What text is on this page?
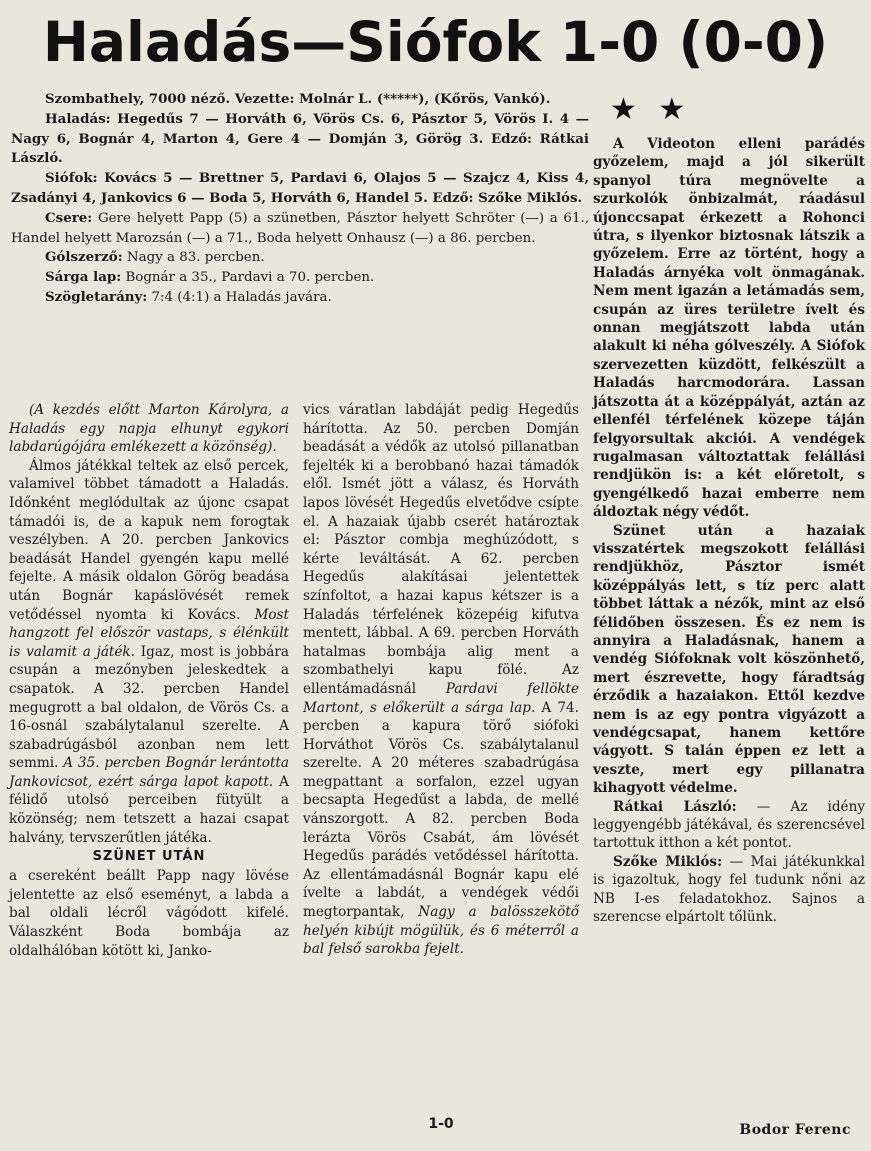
Haladás—Siófok 1-0 (0-0)

Szombathely, 7000 néző. Vezette: Molnár L. (*****), (Kőrös, Vankó).

Haladás: Hegedűs 7 — Horváth 6, Vörös Cs. 6, Pásztor 5, Vörös I. 4 — Nagy 6, Bognár 4, Marton 4, Gere 4 — Domján 3, Görög 3. Edző: Rátkai László.

Siófok: Kovács 5 — Brettner 5, Pardavi 6, Olajos 5 — Szajcz 4, Kiss 4, Zsadányi 4, Jankovics 6 — Boda 5, Horváth 6, Handel 5. Edző: Szőke Miklós.

Csere: Gere helyett Papp (5) a szünetben, Pásztor helyett Schröter (—) a 61., Handel helyett Marozsán (—) a 71., Boda helyett Onhausz (—) a 86. percben.

Gólszerző: Nagy a 83. percben.

Sárga lap: Bognár a 35., Pardavi a 70. percben.

Szögletarány: 7:4 (4:1) a Haladás javára.

★ ★

(A kezdés előtt Marton Károlyra, a Haladás egy napja elhunyt egykori labdarúgójára emlékezett a közönség).

Álmos játékkal teltek az első percek, valamivel többet támadott a Haladás. Időnként meglódultak az újonc csapat támadói is, de a kapuk nem forogtak veszélyben. A 20. percben Jankovics beadását Handel gyengén kapu mellé fejelte. A másik oldalon Görög beadása után Bognár kapáslövését remek vetődéssel nyomta ki Kovács. Most hangzott fel először vastaps, s élénkült is valamit a játék. Igaz, most is jobbára csupán a mezőnyben jeleskedtek a csapatok. A 32. percben Handel megugrott a bal oldalon, de Vörös Cs. a 16-osnál szabálytalanul szerelte. A szabadrúgásból azonban nem lett semmi. A 35. percben Bognár lerántotta Jankovicsot, ezért sárga lapot kapott. A félidő utolsó perceiben fütyült a közönség; nem tetszett a hazai csapat halvány, tervszerűtlen játéka.

SZÜNET UTÁN

a csereként beállt Papp nagy lövése jelentette az első eseményt, a labda a bal oldali lécről vágódott kifelé. Válaszként Boda bombája az oldalhálóban kötött ki, Janko-

vics váratlan labdáját pedig Hegedűs hárította. Az 50. percben Domján beadását a védők az utolsó pillanatban fejelték ki a berobbanó hazai támadók elől. Ismét jött a válasz, és Horváth lapos lövését Hegedűs elvetődve csípte el. A hazaiak újabb cserét határoztak el: Pásztor combja meghúzódott, s kérte leváltását. A 62. percben Hegedűs alakításai jelentettek színfoltot, a hazai kapus kétszer is a Haladás térfelének közepéig kifutva mentett, lábbal. A 69. percben Horváth hatalmas bombája alig ment a szombathelyi kapu fölé. Az ellentámadásnál Pardavi fellökte Martont, s előkerült a sárga lap. A 74. percben a kapura törő siófoki Horváthot Vörös Cs. szabálytalanul szerelte. A 20 méteres szabadrúgása megpattant a sorfalon, ezzel ugyan becsapta Hegedűst a labda, de mellé vánszorgott. A 82. percben Boda lerázta Vörös Csabát, ám lövését Hegedűs parádés vetődéssel hárította. Az ellentámadásnál Bognár kapu elé ívelte a labdát, a vendégek védői megtorpantak, Nagy a balösszekötő helyén kibújt mögülük, és 6 méterről a bal felső sarokba fejelt.

1-0

A Videoton elleni parádés győzelem, majd a jól sikerült spanyol túra megnövelte a szurkolók önbizalmát, ráadásul újonccsapat érkezett a Rohonci útra, s ilyenkor biztosnak látszik a győzelem. Erre az történt, hogy a Haladás árnyéka volt önmagának. Nem ment igazán a letámadás sem, csupán az üres területre ívelt és onnan megjátszott labda után alakult ki néha gólveszély. A Siófok szervezetten küzdött, felkészült a Haladás harcmodorára. Lassan játszotta át a középpályát, aztán az ellenfél térfelének közepe táján felgyorsultak akciói. A vendégek rugalmasan változtattak felállási rendjükön is: a két előretolt, s gyengélkedő hazai emberre nem áldoztak négy védőt.

Szünet után a hazaiak visszatértek megszokott felállási rendjükhöz, Pásztor ismét középpályás lett, s tíz perc alatt többet láttak a nézők, mint az első félidőben összesen. És ez nem is annyira a Haladásnak, hanem a vendég Siófoknak volt köszönhető, mert észrevette, hogy fáradtság érződik a hazaiakon. Ettől kezdve nem is az egy pontra vigyázott a vendégcsapat, hanem kettőre vágyott. S talán éppen ez lett a veszte, mert egy pillanatra kihagyott védelme.

Rátkai László: — Az idény leggyengébb játékával, és szerencsével tartottuk itthon a két pontot.

Szőke Miklós: — Mai játékunkkal is igazoltuk, hogy fel tudunk nőni az NB I-es feladatokhoz. Sajnos a szerencse elpártolt tőlünk.

Bodor Ferenc
